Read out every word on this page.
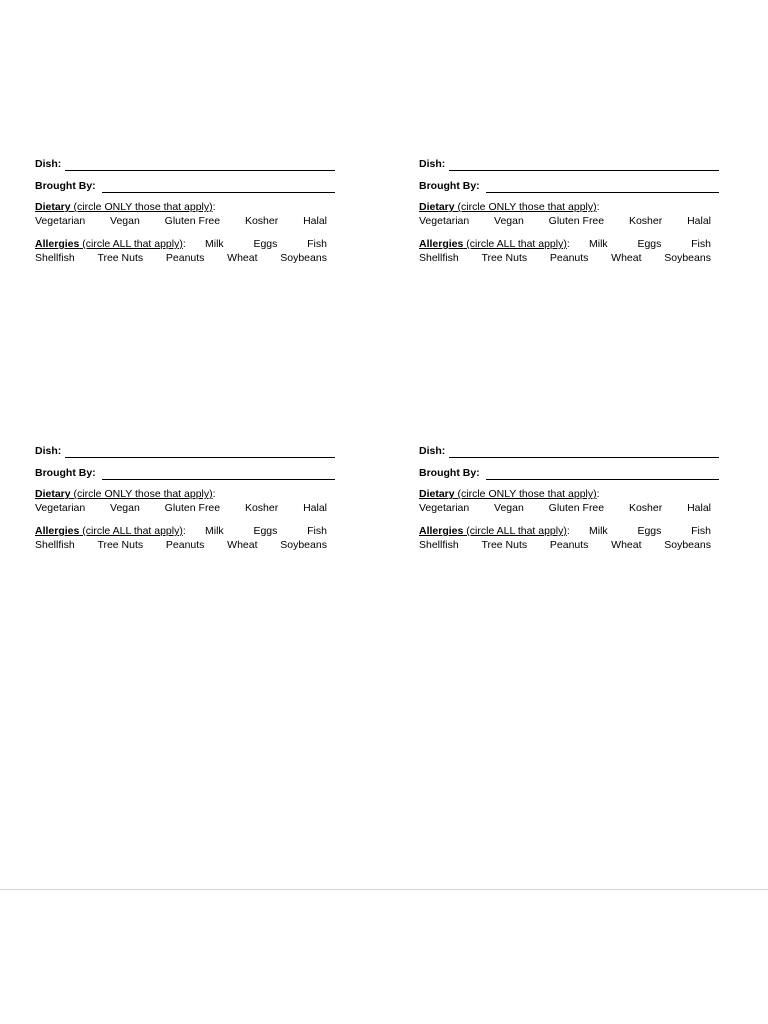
Dish:
Brought By:
Dietary (circle ONLY those that apply):
Vegetarian Vegan Gluten Free Kosher Halal
Allergies (circle ALL that apply): Milk	Eggs	Fish
Shellfish Tree Nuts Peanuts Wheat Soybeans
Dish:
Brought By:
Dietary (circle ONLY those that apply):
Vegetarian Vegan Gluten Free Kosher Halal
Allergies (circle ALL that apply): Milk	Eggs	Fish
Shellfish Tree Nuts Peanuts Wheat Soybeans
Dish:
Brought By:
Dietary (circle ONLY those that apply):
Vegetarian Vegan Gluten Free Kosher Halal
Allergies (circle ALL that apply): Milk	Eggs	Fish
Shellfish Tree Nuts Peanuts Wheat Soybeans
Dish:
Brought By:
Dietary (circle ONLY those that apply):
Vegetarian Vegan Gluten Free Kosher Halal
Allergies (circle ALL that apply): Milk	Eggs	Fish
Shellfish Tree Nuts Peanuts Wheat Soybeans
